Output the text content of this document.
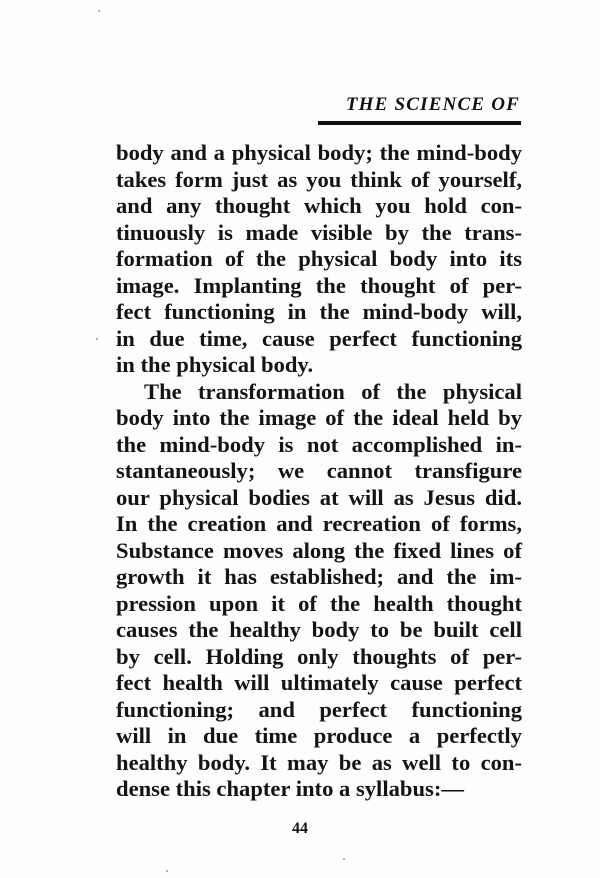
THE SCIENCE OF
body and a physical body; the mind-body
takes form just as you think of yourself,
and any thought which you hold con-
tinuously is made visible by the trans-
formation of the physical body into its
image. Implanting the thought of per-
fect functioning in the mind-body will,
in due time, cause perfect functioning
in the physical body.
The transformation of the physical
body into the image of the ideal held by
the mind-body is not accomplished in-
stantaneously; we cannot transfigure
our physical bodies at will as Jesus did.
In the creation and recreation of forms,
Substance moves along the fixed lines of
growth it has established; and the im-
pression upon it of the health thought
causes the healthy body to be built cell
by cell. Holding only thoughts of per-
fect health will ultimately cause perfect
functioning; and perfect functioning
will in due time produce a perfectly
healthy body. It may be as well to con-
dense this chapter into a syllabus:—
44
